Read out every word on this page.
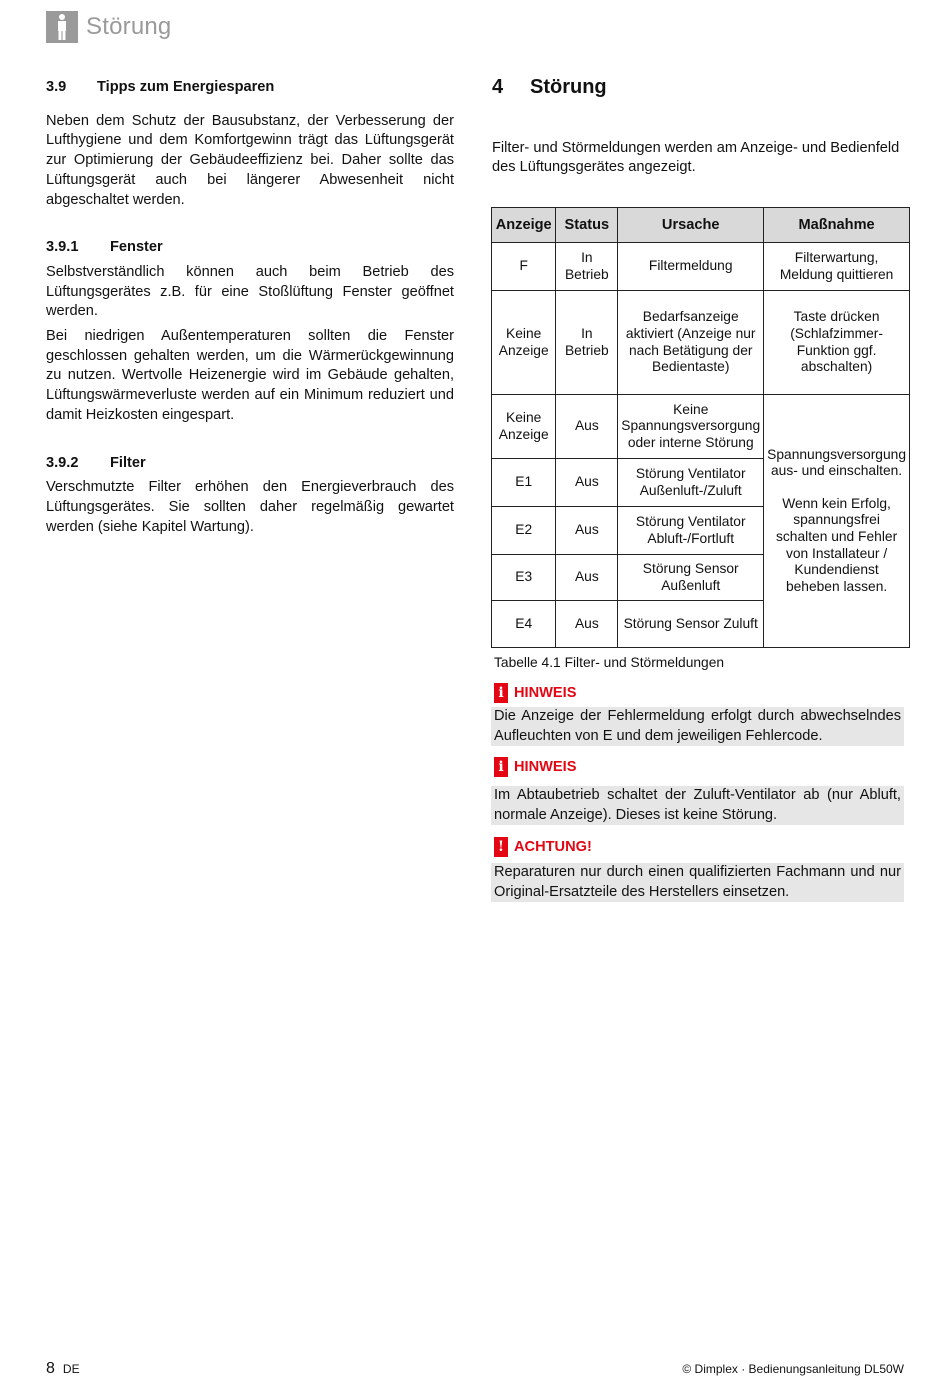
Störung
3.9	Tipps zum Energiesparen

Neben dem Schutz der Bausubstanz, der Verbesserung der Lufthygiene und dem Komfortgewinn trägt das Lüftungsgerät zur Optimierung der Gebäudeeffizienz bei. Daher sollte das Lüftungsgerät auch bei längerer Abwesenheit nicht abgeschaltet werden.

3.9.1	Fenster

Selbstverständlich können auch beim Betrieb des Lüftungsgerätes z.B. für eine Stoßlüftung Fenster geöffnet werden.

Bei niedrigen Außentemperaturen sollten die Fenster geschlossen gehalten werden, um die Wärmerückgewinnung zu nutzen. Wertvolle Heizenergie wird im Gebäude gehalten, Lüftungswärmeverluste werden auf ein Minimum reduziert und damit Heizkosten eingespart.

3.9.2	Filter

Verschmutzte Filter erhöhen den Energieverbrauch des Lüftungsgerätes. Sie sollten daher regelmäßig gewartet werden (siehe Kapitel Wartung).

4	Störung

Filter- und Störmeldungen werden am Anzeige- und Bedienfeld des Lüftungsgerätes angezeigt.

Anzeige	Status	Ursache	Maßnahme
F	In Betrieb	Filtermeldung	Filterwartung, Meldung quittieren
Keine Anzeige	In Betrieb	Bedarfsanzeige aktiviert (Anzeige nur nach Betätigung der Bedientaste)	Taste drücken (Schlafzimmer-Funktion ggf. abschalten)
Keine Anzeige	Aus	Keine Spannungsversorgung oder interne Störung	Spannungsversorgung aus- und einschalten.
Wenn kein Erfolg, spannungsfrei schalten und Fehler von Installateur / Kundendienst beheben lassen.

E1	Aus	Störung Ventilator Außenluft-/Zuluft	
E2	Aus	Störung Ventilator Abluft-/Fortluft	
E3	Aus	Störung Sensor Außenluft	
E4	Aus	Störung Sensor Zuluft	
Tabelle 4.1 Filter- und Störmeldungen
i HINWEIS
Die Anzeige der Fehlermeldung erfolgt durch abwechselndes Aufleuchten von E und dem jeweiligen Fehlercode.
i HINWEIS
Im Abtaubetrieb schaltet der Zuluft-Ventilator ab (nur Abluft, normale Anzeige). Dieses ist keine Störung.
! ACHTUNG!
Reparaturen nur durch einen qualifizierten Fachmann und nur Original-Ersatzteile des Herstellers einsetzen.
8 DE	© Dimplex · Bedienungsanleitung DL50W
